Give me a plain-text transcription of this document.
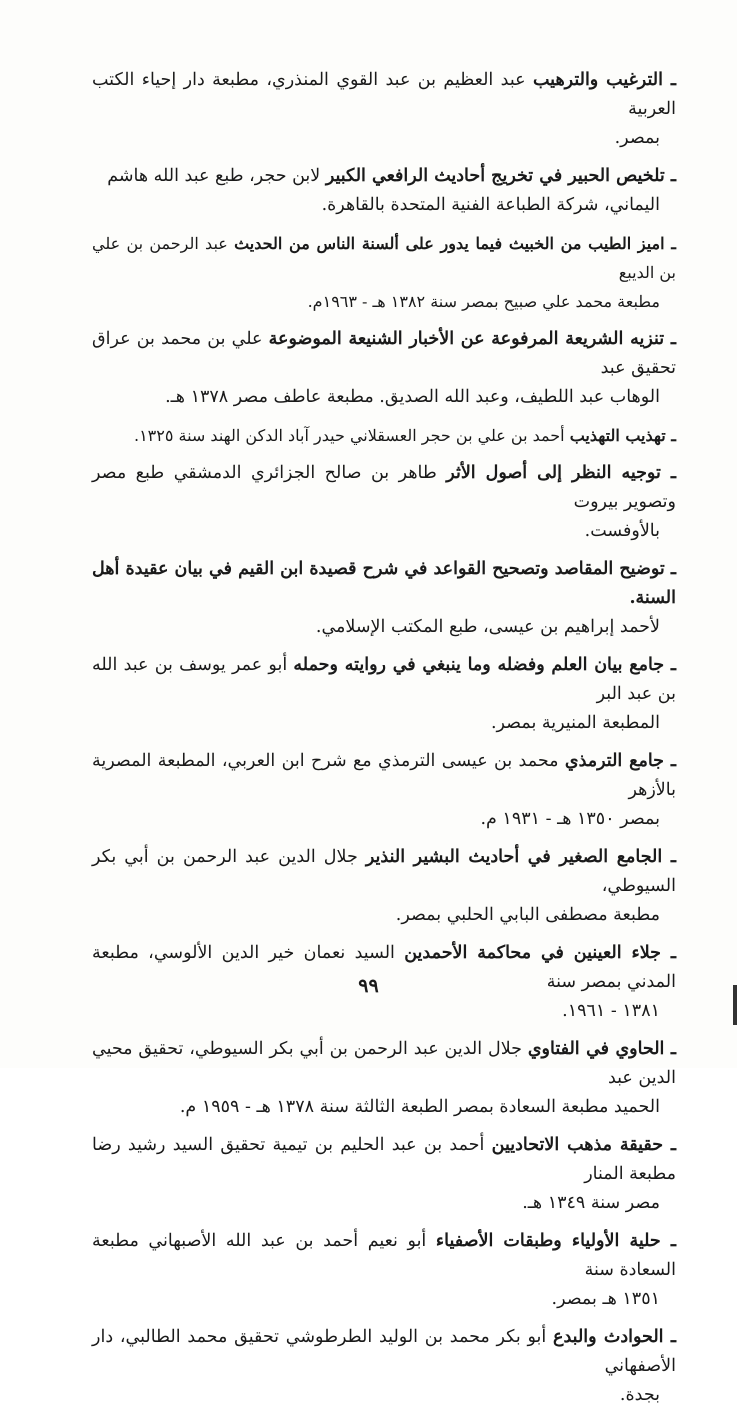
ـ الترغيب والترهيب عبد العظيم بن عبد القوي المنذري، مطبعة دار إحياء الكتب العربية
بمصر.
ـ تلخيص الحبير في تخريج أحاديث الرافعي الكبير لابن حجر، طبع عبد الله هاشم
اليماني، شركة الطباعة الفنية المتحدة بالقاهرة.
ـ اميز الطيب من الخبيث فيما يدور على ألسنة الناس من الحديث عبد الرحمن بن علي بن الديبع
مطبعة محمد علي صبيح بمصر سنة ١٣٨٢ هـ - ١٩٦٣م.
ـ تنزيه الشريعة المرفوعة عن الأخبار الشنيعة الموضوعة علي بن محمد بن عراق تحقيق عبد
الوهاب عبد اللطيف، وعبد الله الصديق. مطبعة عاطف مصر ١٣٧٨ هـ.
ـ تهذيب التهذيب أحمد بن علي بن حجر العسقلاني حيدر آباد الدكن الهند سنة ١٣٢٥.
ـ توجيه النظر إلى أصول الأثر طاهر بن صالح الجزائري الدمشقي طبع مصر وتصوير بيروت
بالأوفست.
ـ توضيح المقاصد وتصحيح القواعد في شرح قصيدة ابن القيم في بيان عقيدة أهل السنة.
لأحمد إبراهيم بن عيسى، طبع المكتب الإسلامي.
ـ جامع بيان العلم وفضله وما ينبغي في روايته وحمله أبو عمر يوسف بن عبد الله بن عبد البر
المطبعة المنيرية بمصر.
ـ جامع الترمذي محمد بن عيسى الترمذي مع شرح ابن العربي، المطبعة المصرية بالأزهر
بمصر ١٣٥٠ هـ - ١٩٣١ م.
ـ الجامع الصغير في أحاديث البشير النذير جلال الدين عبد الرحمن بن أبي بكر السيوطي،
مطبعة مصطفى البابي الحلبي بمصر.
ـ جلاء العينين في محاكمة الأحمدين السيد نعمان خير الدين الألوسي، مطبعة المدني بمصر سنة
١٣٨١ - ١٩٦١.
ـ الحاوي في الفتاوي جلال الدين عبد الرحمن بن أبي بكر السيوطي، تحقيق محيي الدين عبد
الحميد مطبعة السعادة بمصر الطبعة الثالثة سنة ١٣٧٨ هـ - ١٩٥٩ م.
ـ حقيقة مذهب الاتحاديين أحمد بن عبد الحليم بن تيمية تحقيق السيد رشيد رضا مطبعة المنار
مصر سنة ١٣٤٩ هـ.
ـ حلية الأولياء وطبقات الأصفياء أبو نعيم أحمد بن عبد الله الأصبهاني مطبعة السعادة سنة
١٣٥١ هـ بمصر.
ـ الحوادث والبدع أبو بكر محمد بن الوليد الطرطوشي تحقيق محمد الطالبي، دار الأصفهاني
بجدة.
٩٩
